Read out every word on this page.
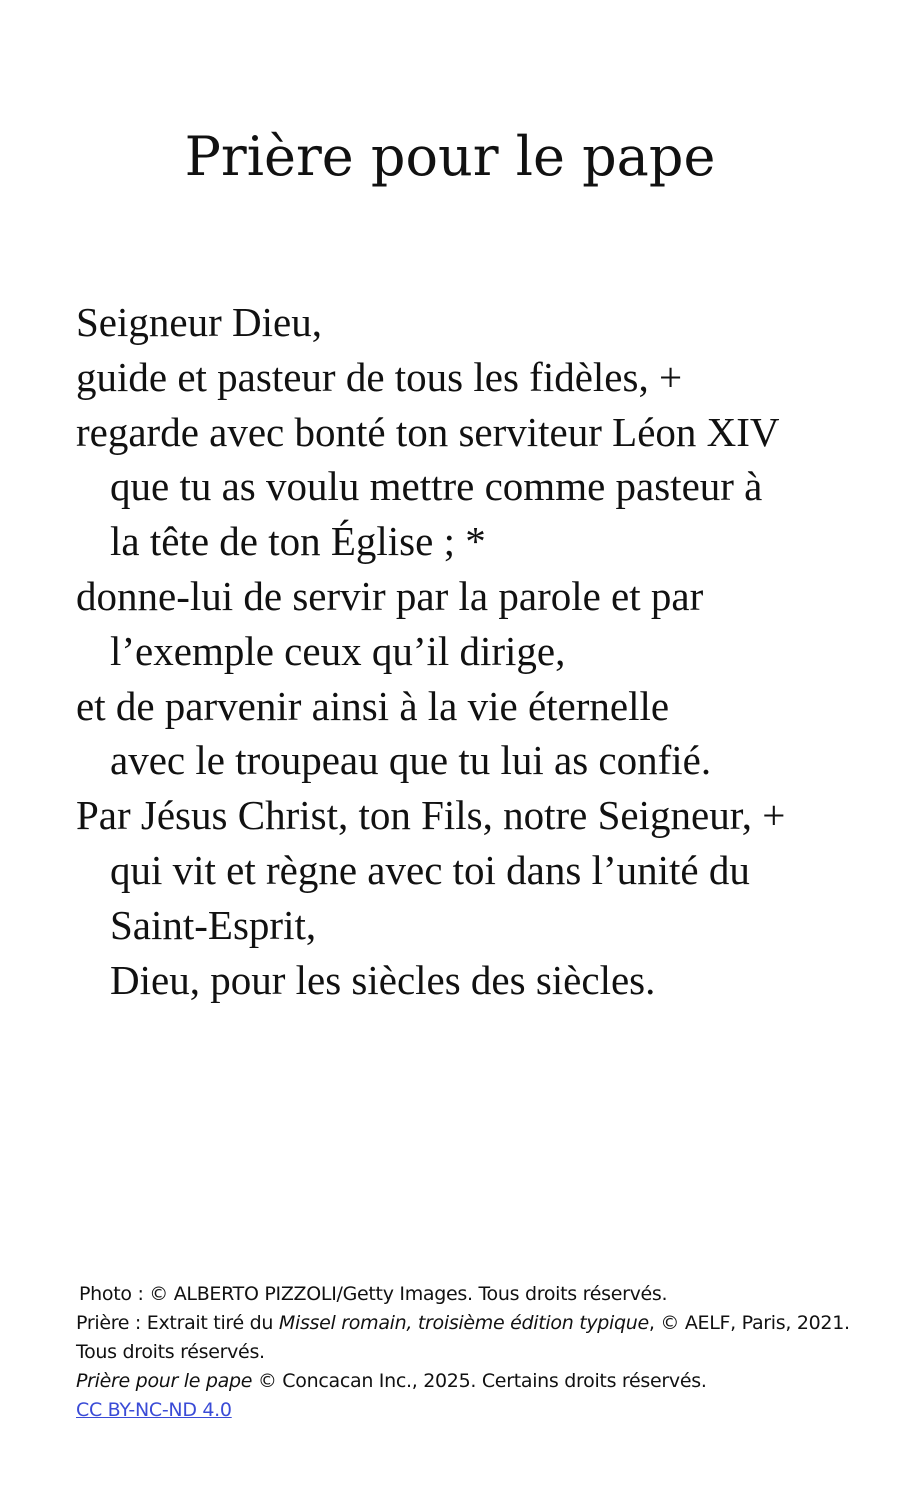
Prière pour le pape
Seigneur Dieu,
guide et pasteur de tous les fidèles, +
regarde avec bonté ton serviteur Léon XIV
que tu as voulu mettre comme pasteur à
la tête de ton Église ; *
donne-lui de servir par la parole et par
l’exemple ceux qu’il dirige,
et de parvenir ainsi à la vie éternelle
avec le troupeau que tu lui as confié.
Par Jésus Christ, ton Fils, notre Seigneur, +
qui vit et règne avec toi dans l’unité du
Saint-Esprit,
Dieu, pour les siècles des siècles.
Photo : © ALBERTO PIZZOLI/Getty Images. Tous droits réservés.
Prière : Extrait tiré du Missel romain, troisième édition typique, © AELF, Paris, 2021.
Tous droits réservés.
Prière pour le pape © Concacan Inc., 2025. Certains droits réservés.
CC BY-NC-ND 4.0
